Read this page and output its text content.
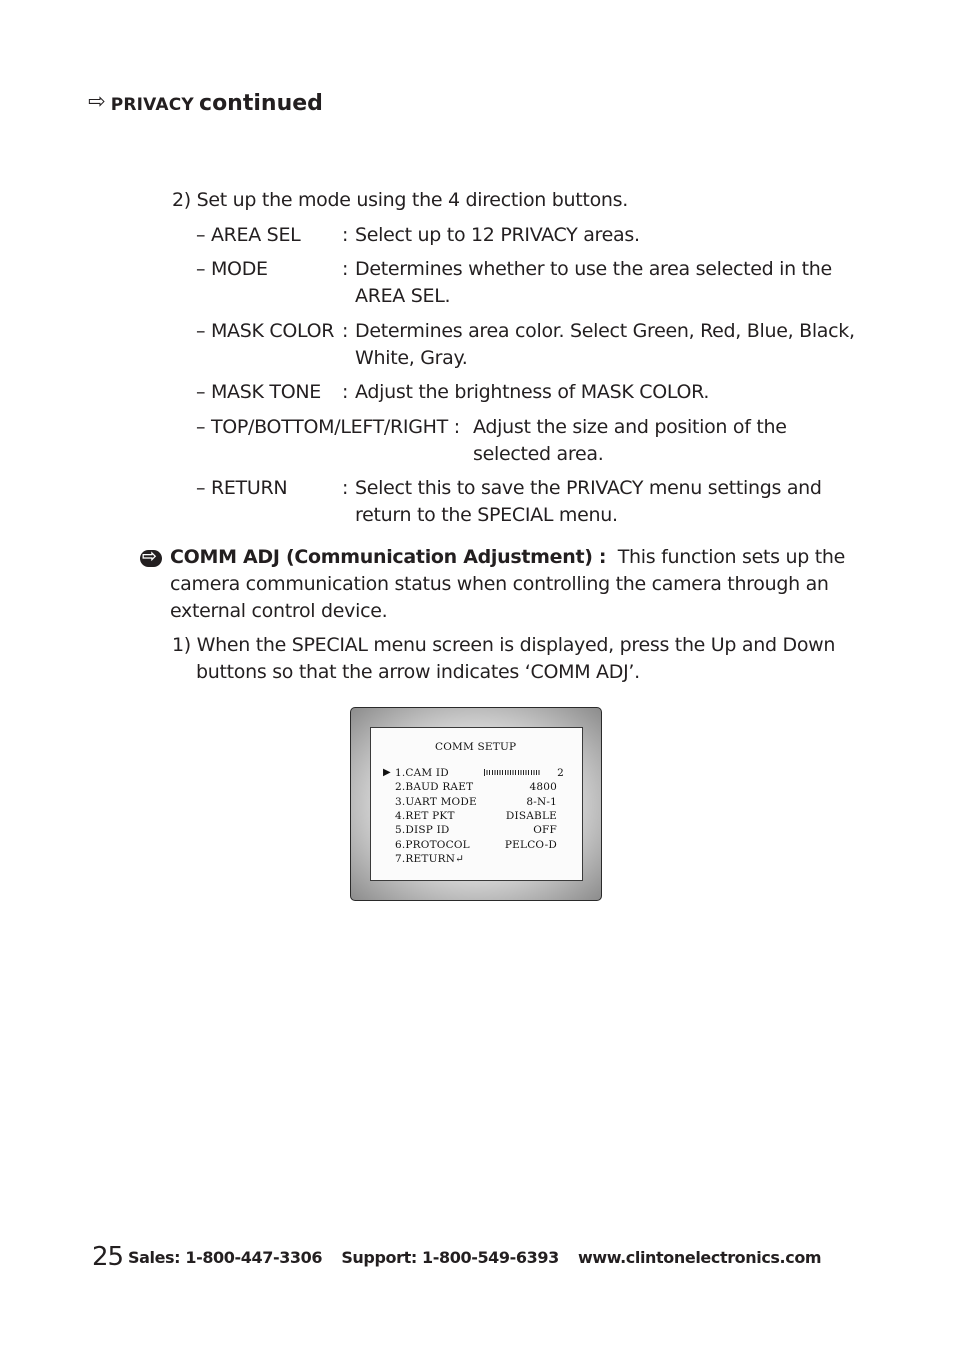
⇨ PRIVACY continued
2) Set up the mode using the 4 direction buttons.
– AREA SEL : Select up to 12 PRIVACY areas.
– MODE	: Determines whether to use the area selected in the
AREA SEL.
– MASK COLOR : Determines area color. Select Green, Red, Blue, Black,
White, Gray.
– MASK TONE : Adjust the brightness of MASK COLOR.
– TOP/BOTTOM/LEFT/RIGHT : Adjust the size and position of the
selected area.
– RETURN	: Select this to save the PRIVACY menu settings and
return to the SPECIAL menu.
⇨
COMM ADJ (Communication Adjustment) : This function sets up the
camera communication status when controlling the camera through an
external control device.
1) When the SPECIAL menu screen is displayed, press the Up and Down
buttons so that the arrow indicates ‘COMM ADJ’.
COMM SETUP
▶ 1.CAM ID	2
2.BAUD RAET	4800
3.UART MODE	8-N-1
4.RET PKT	DISABLE
5.DISP ID	OFF
6.PROTOCOL	PELCO-D
7.RETURN↵
25 Sales: 1-800-447-3306 Support: 1-800-549-6393 www.clintonelectronics.com
